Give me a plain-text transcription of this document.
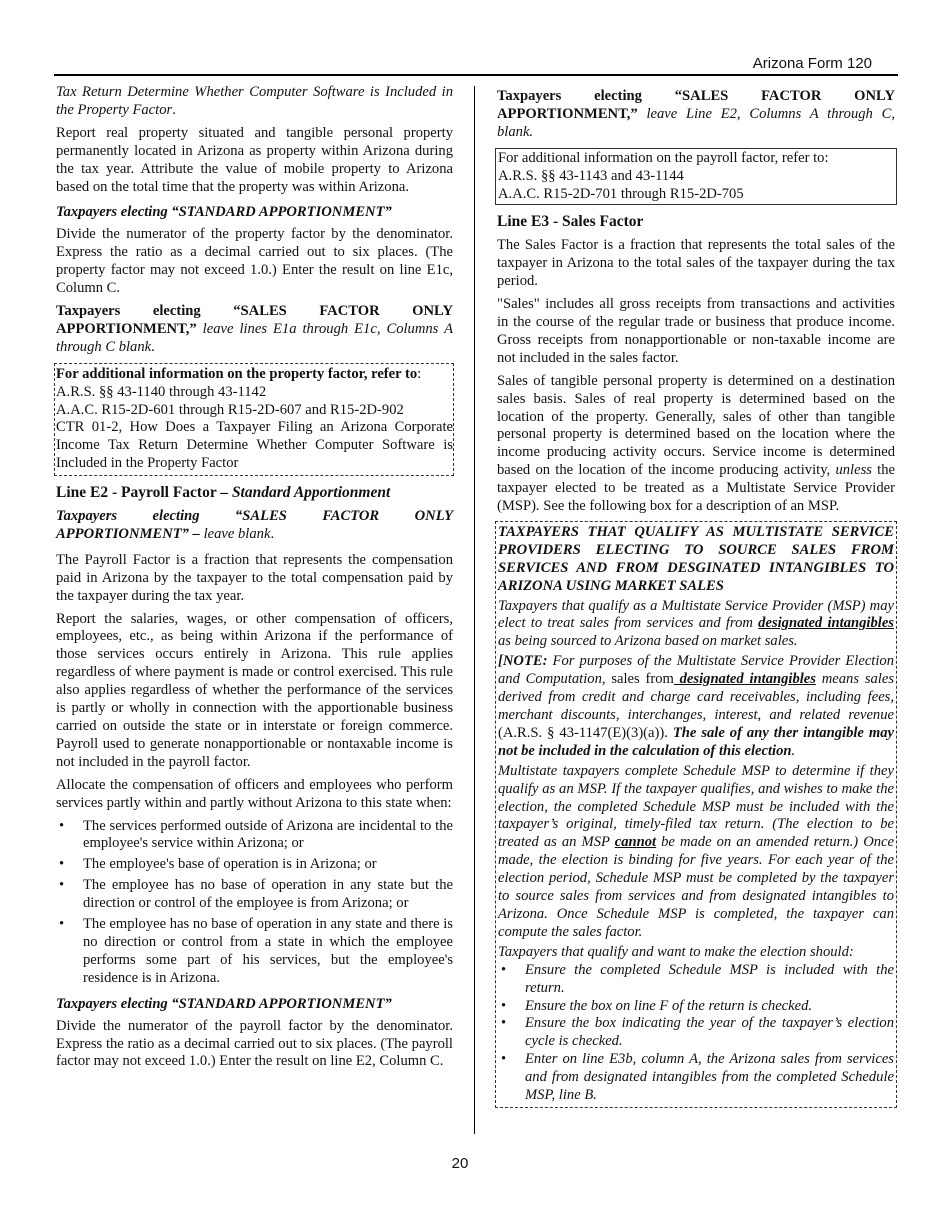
Arizona Form 120

Tax Return Determine Whether Computer Software is Included in the Property Factor.

Report real property situated and tangible personal property permanently located in Arizona as property within Arizona during the tax year. Attribute the value of mobile property to Arizona based on the total time that the property was within Arizona.

Taxpayers electing “STANDARD APPORTIONMENT”

Divide the numerator of the property factor by the denominator. Express the ratio as a decimal carried out to six places. (The property factor may not exceed 1.0.) Enter the result on line E1c, Column C.

Taxpayers electing “SALES FACTOR ONLY
APPORTIONMENT,” leave lines E1a through E1c, Columns A through C blank.

For additional information on the property factor, refer to:
A.R.S. §§ 43-1140 through 43-1142
A.A.C. R15-2D-601 through R15-2D-607 and R15-2D-902
CTR 01-2, How Does a Taxpayer Filing an Arizona Corporate Income Tax Return Determine Whether Computer Software is Included in the Property Factor
Line E2 - Payroll Factor – Standard Apportionment

Taxpayers electing “SALES FACTOR ONLY
APPORTIONMENT” – leave blank.

The Payroll Factor is a fraction that represents the compensation paid in Arizona by the taxpayer to the total compensation paid by the taxpayer during the tax year.

Report the salaries, wages, or other compensation of officers, employees, etc., as being within Arizona if the performance of those services occurs entirely in Arizona. This rule applies regardless of where payment is made or control exercised. This rule also applies regardless of whether the performance of the services is partly or wholly in connection with the apportionable business carried on outside the state or in interstate or foreign commerce. Payroll used to generate nonapportionable or nontaxable income is not included in the payroll factor.

Allocate the compensation of officers and employees who perform services partly within and partly without Arizona to this state when:

• The services performed outside of Arizona are incidental to the employee's service within Arizona; or
• The employee's base of operation is in Arizona; or
• The employee has no base of operation in any state but the direction or control of the employee is from Arizona; or
• The employee has no base of operation in any state and there is no direction or control from a state in which the employee performs some part of his services, but the employee's residence is in Arizona.
Taxpayers electing “STANDARD APPORTIONMENT”

Divide the numerator of the payroll factor by the denominator. Express the ratio as a decimal carried out to six places. (The payroll factor may not exceed 1.0.) Enter the result on line E2, Column C.

Taxpayers electing “SALES FACTOR ONLY
APPORTIONMENT,” leave Line E2, Columns A through C, blank.

For additional information on the payroll factor, refer to:
A.R.S. §§ 43-1143 and 43-1144
A.A.C. R15-2D-701 through R15-2D-705
Line E3 - Sales Factor

The Sales Factor is a fraction that represents the total sales of the taxpayer in Arizona to the total sales of the taxpayer during the tax period.

"Sales" includes all gross receipts from transactions and activities in the course of the regular trade or business that produce income. Gross receipts from nonapportionable or non-taxable income are not included in the sales factor.

Sales of tangible personal property is determined on a destination sales basis. Sales of real property is determined based on the location of the property. Generally, sales of other than tangible personal property is determined based on the location where the income producing activity occurs. Service income is determined based on the location of the income producing activity, unless the taxpayer elected to be treated as a Multistate Service Provider (MSP). See the following box for a description of an MSP.

TAXPAYERS THAT QUALIFY AS MULTISTATE SERVICE PROVIDERS ELECTING TO SOURCE SALES FROM SERVICES AND FROM DESGINATED INTANGIBLES TO ARIZONA USING MARKET SALES

Taxpayers that qualify as a Multistate Service Provider (MSP) may elect to treat sales from services and from designated intangibles as being sourced to Arizona based on market sales.

[NOTE: For purposes of the Multistate Service Provider Election and Computation, sales from designated intangibles means sales derived from credit and charge card receivables, including fees, merchant discounts, interchanges, interest, and related revenue (A.R.S. § 43-1147(E)(3)(a)). The sale of any ther intangible may not be included in the calculation of this election.

Multistate taxpayers complete Schedule MSP to determine if they qualify as an MSP. If the taxpayer qualifies, and wishes to make the election, the completed Schedule MSP must be included with the taxpayer’s original, timely-filed tax return. (The election to be treated as an MSP cannot be made on an amended return.) Once made, the election is binding for five years. For each year of the election period, Schedule MSP must be completed by the taxpayer to source sales from services and from designated intangibles to Arizona. Once Schedule MSP is completed, the taxpayer can compute the sales factor.

Taxpayers that qualify and want to make the election should:

• Ensure the completed Schedule MSP is included with the return.
• Ensure the box on line F of the return is checked.
• Ensure the box indicating the year of the taxpayer’s election cycle is checked.
• Enter on line E3b, column A, the Arizona sales from services and from designated intangibles from the completed Schedule MSP, line B.
20
